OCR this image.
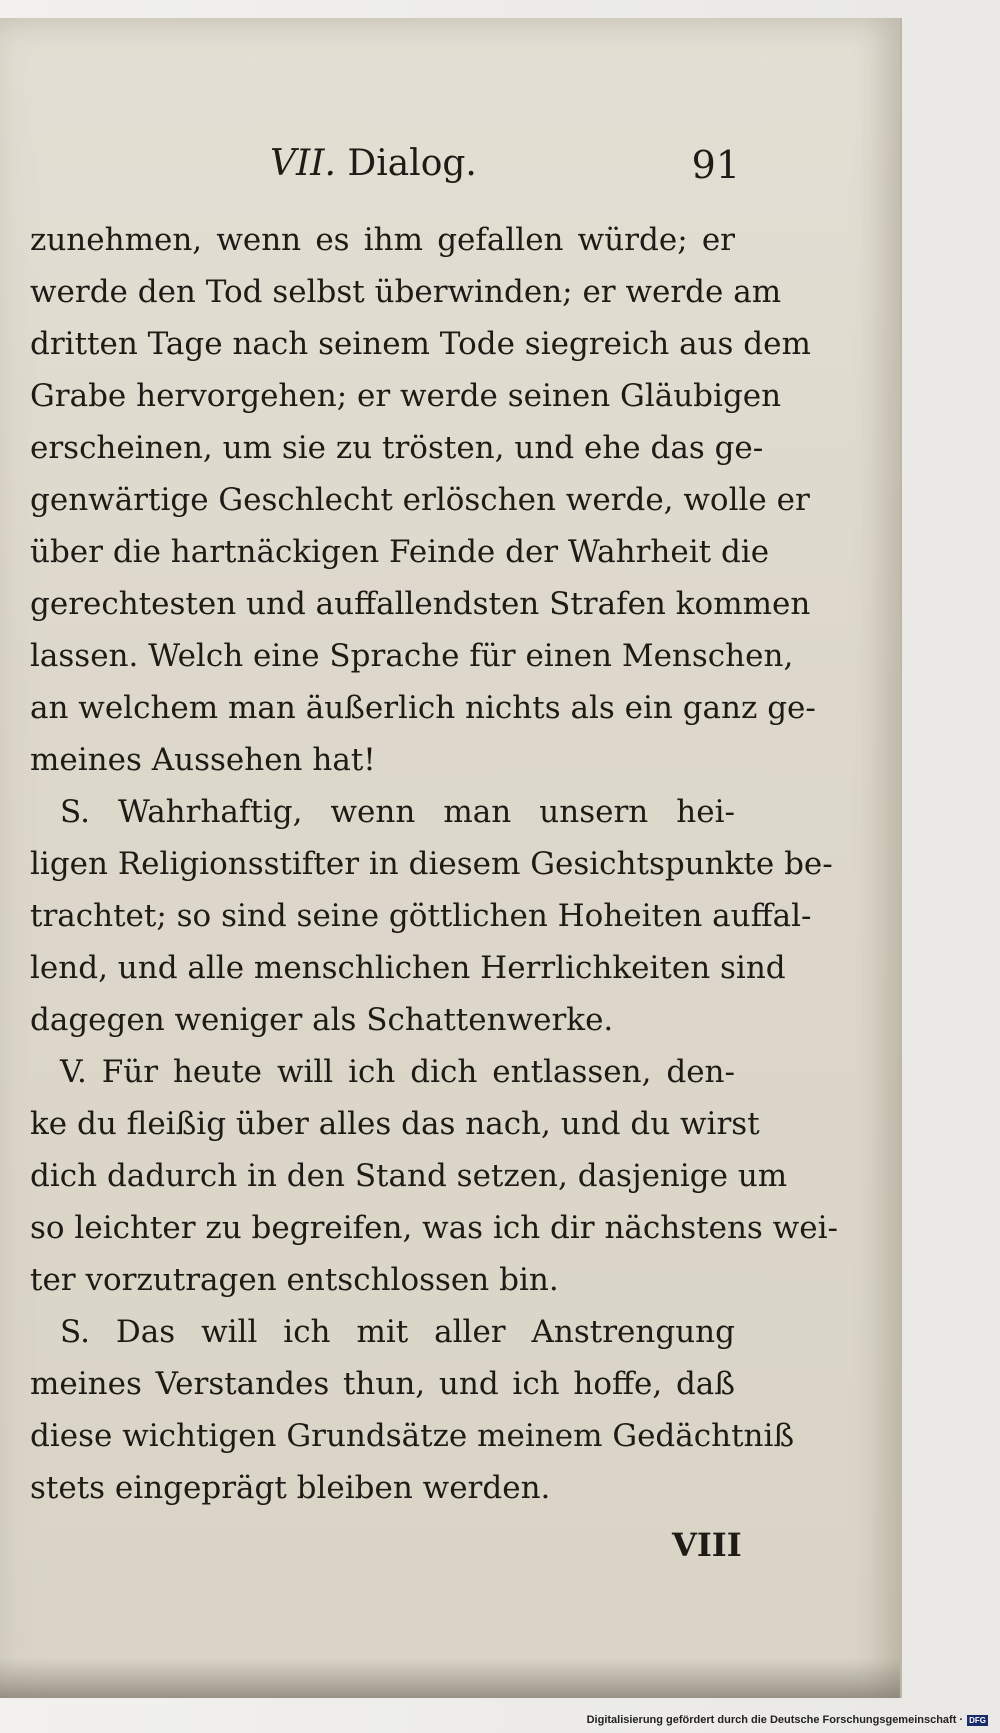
VII. Dialog.	91
zunehmen, wenn es ihm gefallen würde; er
werde den Tod selbst überwinden; er werde am
dritten Tage nach seinem Tode siegreich aus dem
Grabe hervorgehen; er werde seinen Gläubigen
erscheinen, um sie zu trösten, und ehe das ge-
genwärtige Geschlecht erlöschen werde, wolle er
über die hartnäckigen Feinde der Wahrheit die
gerechtesten und auffallendsten Strafen kommen
lassen. Welch eine Sprache für einen Menschen,
an welchem man äußerlich nichts als ein ganz ge-
meines Aussehen hat!
S. Wahrhaftig, wenn man unsern hei-
ligen Religionsstifter in diesem Gesichtspunkte be-
trachtet; so sind seine göttlichen Hoheiten auffal-
lend, und alle menschlichen Herrlichkeiten sind
dagegen weniger als Schattenwerke.
V. Für heute will ich dich entlassen, den-
ke du fleißig über alles das nach, und du wirst
dich dadurch in den Stand setzen, dasjenige um
so leichter zu begreifen, was ich dir nächstens wei-
ter vorzutragen entschlossen bin.
S. Das will ich mit aller Anstrengung
meines Verstandes thun, und ich hoffe, daß
diese wichtigen Grundsätze meinem Gedächtniß
stets eingeprägt bleiben werden.
VIII
Digitalisierung gefördert durch die Deutsche Forschungsgemeinschaft · DFG
